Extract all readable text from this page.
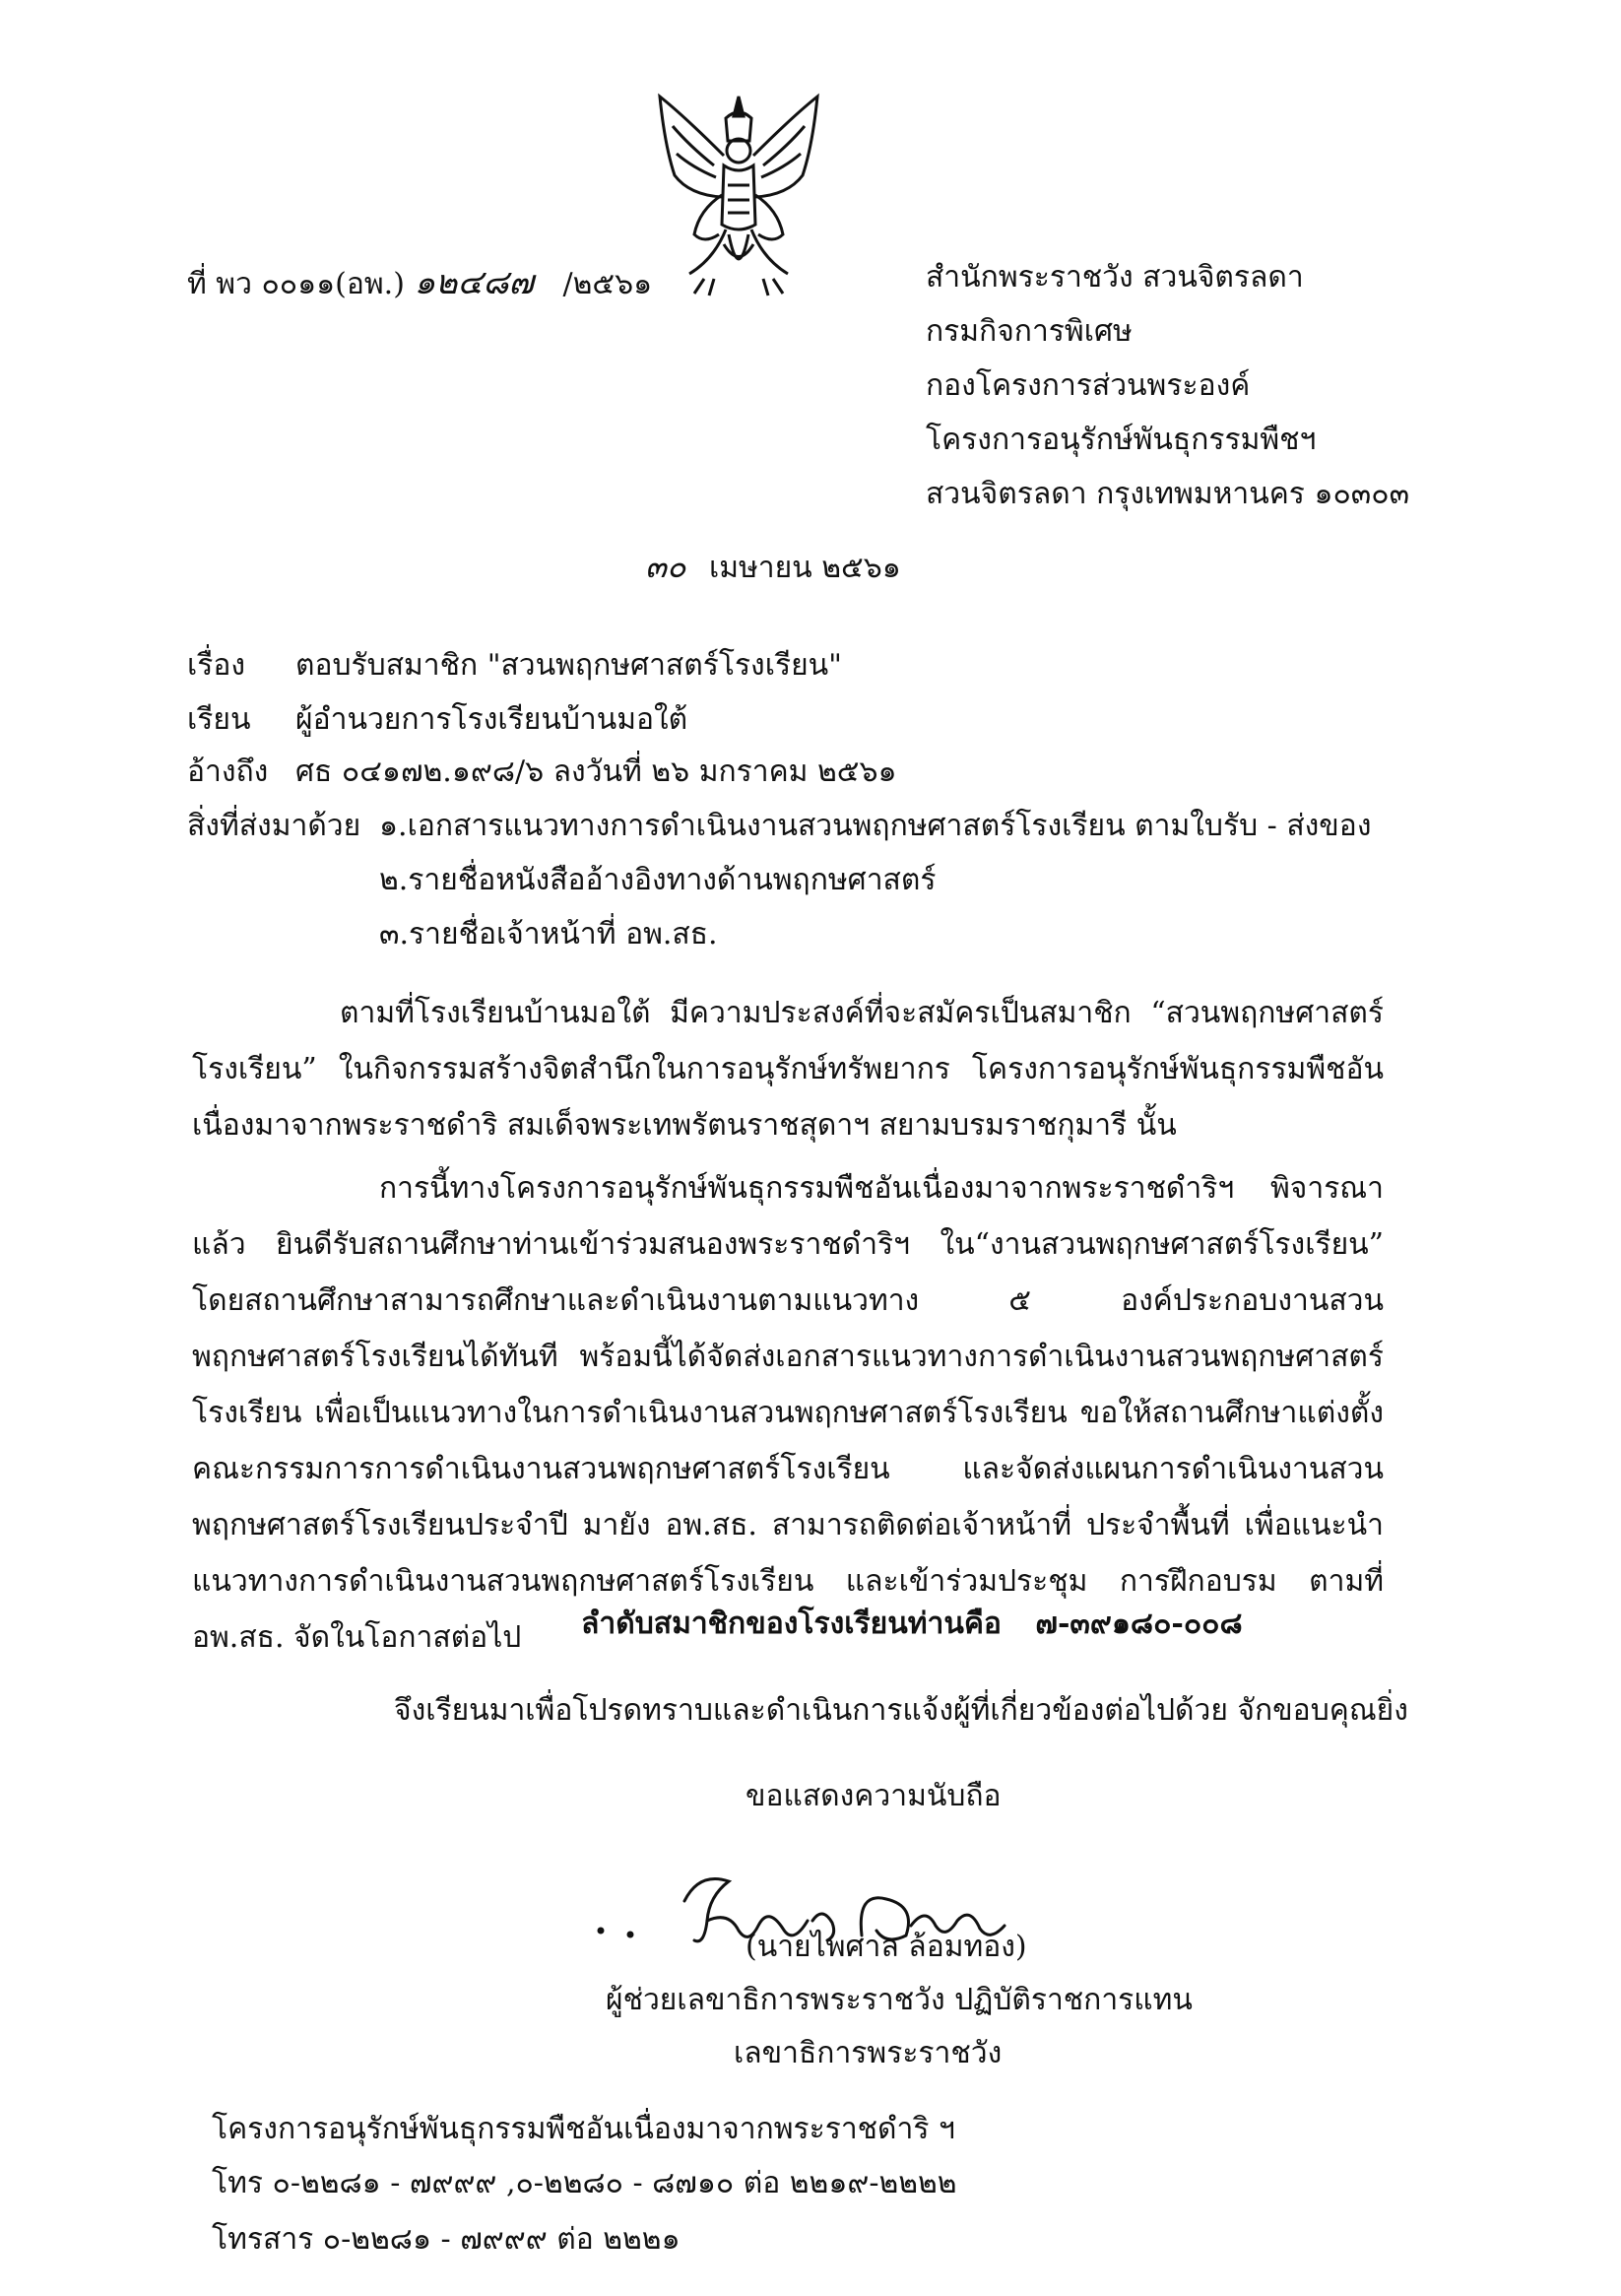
ที่ พว ๐๐๑๑(อพ.) ๑๒๔๘๗ /๒๕๖๑	สำนักพระราชวัง สวนจิตรลดา
กรมกิจการพิเศษ
กองโครงการส่วนพระองค์
โครงการอนุรักษ์พันธุกรรมพืชฯ
สวนจิตรลดา กรุงเทพมหานคร ๑๐๓๐๓
๓๐ เมษายน ๒๕๖๑
เรื่อง ตอบรับสมาชิก "สวนพฤกษศาสตร์โรงเรียน"
เรียน ผู้อำนวยการโรงเรียนบ้านมอใต้
อ้างถึง ศธ ๐๔๑๗๒.๑๙๘/๖ ลงวันที่ ๒๖ มกราคม ๒๕๖๑
สิ่งที่ส่งมาด้วย ๑.เอกสารแนวทางการดำเนินงานสวนพฤกษศาสตร์โรงเรียน ตามใบรับ - ส่งของ
๒.รายชื่อหนังสืออ้างอิงทางด้านพฤกษศาสตร์
๓.รายชื่อเจ้าหน้าที่ อพ.สธ.

ตามที่โรงเรียนบ้านมอใต้ มีความประสงค์ที่จะสมัครเป็นสมาชิก “สวนพฤกษศาสตร์โรงเรียน” ในกิจกรรมสร้างจิตสำนึกในการอนุรักษ์ทรัพยากร โครงการอนุรักษ์พันธุกรรมพืชอันเนื่องมาจากพระราชดำริ สมเด็จพระเทพรัตนราชสุดาฯ สยามบรมราชกุมารี นั้น

การนี้ทางโครงการอนุรักษ์พันธุกรรมพืชอันเนื่องมาจากพระราชดำริฯ พิจารณาแล้ว ยินดีรับสถานศึกษาท่านเข้าร่วมสนองพระราชดำริฯ ใน“งานสวนพฤกษศาสตร์โรงเรียน” โดยสถานศึกษาสามารถศึกษาและดำเนินงานตามแนวทาง ๕ องค์ประกอบงานสวนพฤกษศาสตร์โรงเรียนได้ทันที พร้อมนี้ได้จัดส่งเอกสารแนวทางการดำเนินงานสวนพฤกษศาสตร์โรงเรียน เพื่อเป็นแนวทางในการดำเนินงานสวนพฤกษศาสตร์โรงเรียน ขอให้สถานศึกษาแต่งตั้งคณะกรรมการการดำเนินงานสวนพฤกษศาสตร์โรงเรียน และจัดส่งแผนการดำเนินงานสวนพฤกษศาสตร์โรงเรียนประจำปี มายัง อพ.สธ. สามารถติดต่อเจ้าหน้าที่ ประจำพื้นที่ เพื่อแนะนำแนวทางการดำเนินงานสวนพฤกษศาสตร์โรงเรียน และเข้าร่วมประชุม การฝึกอบรม ตามที่ อพ.สธ. จัดในโอกาสต่อไป	ลำดับสมาชิกของโรงเรียนท่านคือ ๗-๓๙๑๘๐-๐๐๘
จึงเรียนมาเพื่อโปรดทราบและดำเนินการแจ้งผู้ที่เกี่ยวข้องต่อไปด้วย จักขอบคุณยิ่ง
ขอแสดงความนับถือ
(นายไพศาล ล้อมทอง)
ผู้ช่วยเลขาธิการพระราชวัง ปฏิบัติราชการแทน
เลขาธิการพระราชวัง
โครงการอนุรักษ์พันธุกรรมพืชอันเนื่องมาจากพระราชดำริ ฯ
โทร ๐-๒๒๘๑ - ๗๙๙๙ ,๐-๒๒๘๐ - ๘๗๑๐ ต่อ ๒๒๑๙-๒๒๒๒
โทรสาร ๐-๒๒๘๑ - ๗๙๙๙ ต่อ ๒๒๒๑
